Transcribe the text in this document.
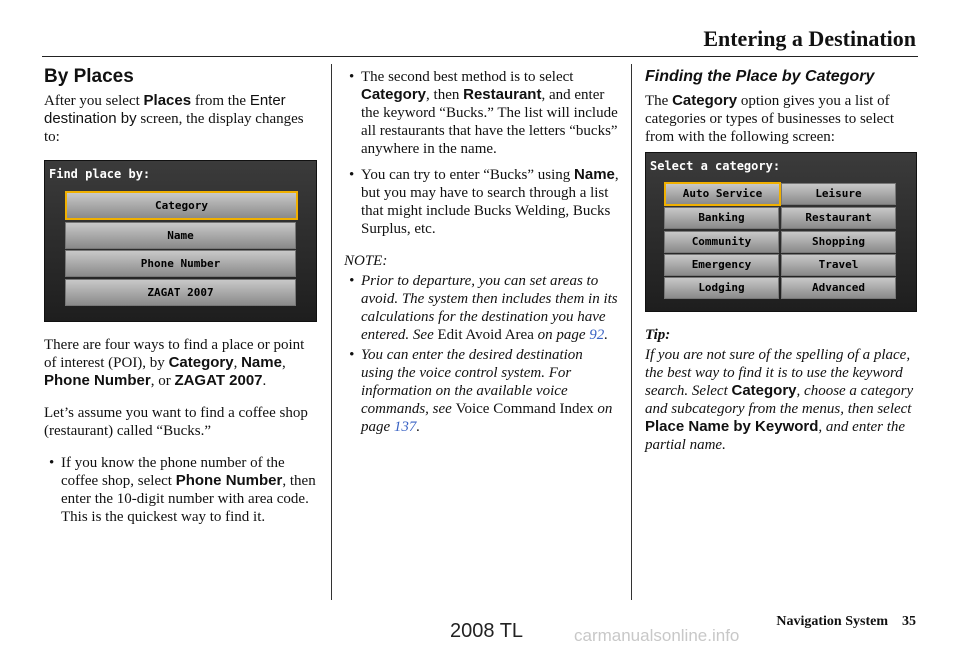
Entering a Destination
By Places

After you select Places from the Enter destination by screen, the display changes to:

Find place by:
Category
Name
Phone Number
ZAGAT 2007

There are four ways to find a place or point of interest (POI), by Category, Name, Phone Number, or ZAGAT 2007.

Let’s assume you want to find a coffee shop (restaurant) called “Bucks.”

• If you know the phone number of the coffee shop, select Phone Number, then enter the 10-digit number with area code. This is the quickest way to find it.
• The second best method is to select Category, then Restaurant, and enter the keyword “Bucks.” The list will include all restaurants that have the letters “bucks” anywhere in the name.
• You can try to enter “Bucks” using Name, but you may have to search through a list that might include Bucks Welding, Bucks Surplus, etc.
NOTE:
• Prior to departure, you can set areas to avoid. The system then includes them in its calculations for the destination you have entered. See Edit Avoid Area on page 92.
• You can enter the desired destination using the voice control system. For information on the available voice commands, see Voice Command Index on page 137.
Finding the Place by Category

The Category option gives you a list of categories or types of businesses to select from with the following screen:

Select a category:
Auto Service
Banking
Community
Emergency
Lodging
Leisure
Restaurant
Shopping
Travel
Advanced
Tip:

If you are not sure of the spelling of a place, the best way to find it is to use the keyword search. Select Category, choose a category and subcategory from the menus, then select Place Name by Keyword, and enter the partial name.

Navigation System 35
2008 TL	carmanualsonline.info
